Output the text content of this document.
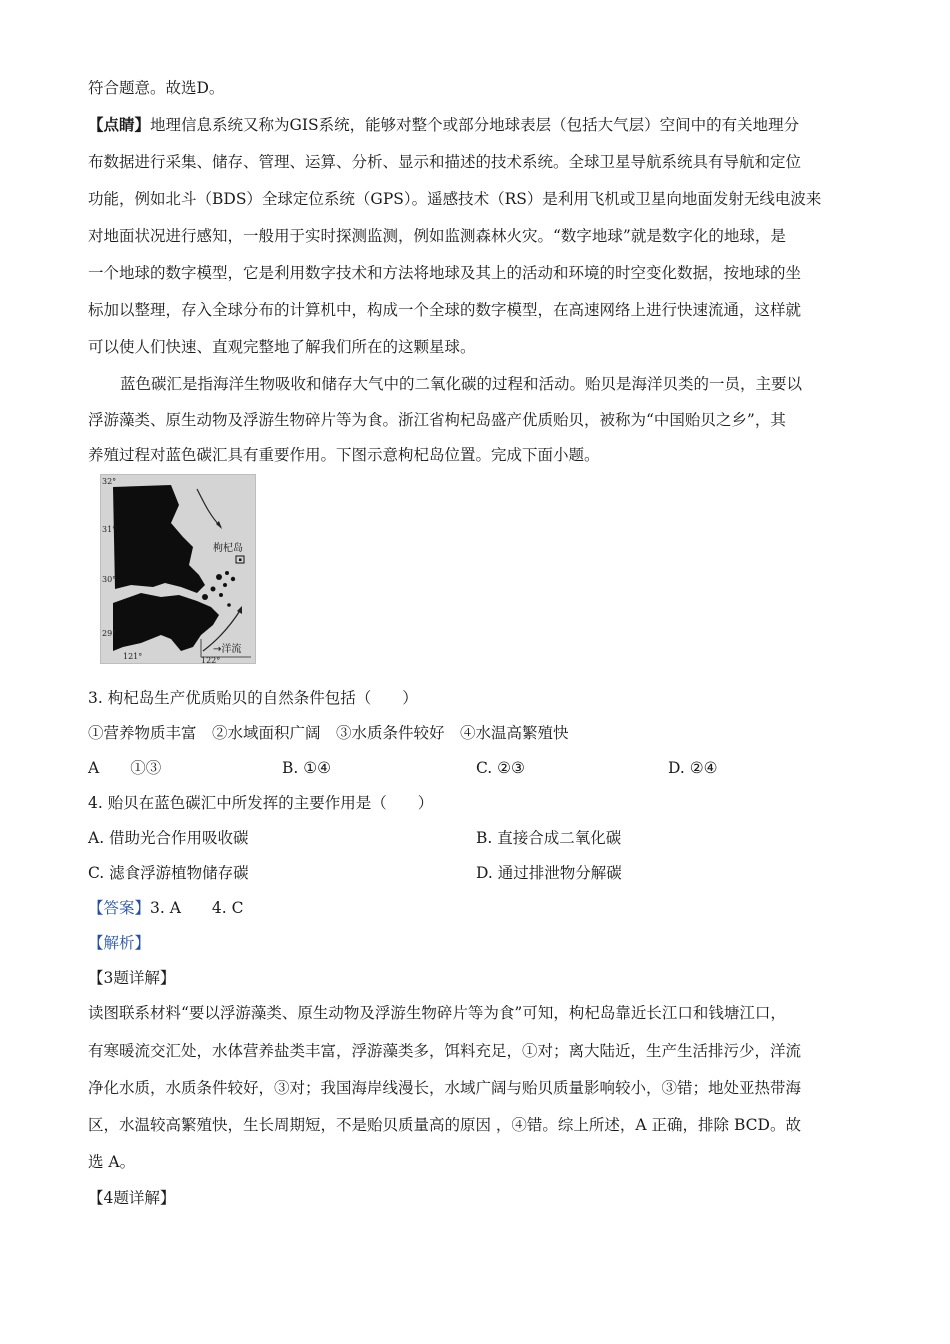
符合题意。故选D。
【点睛】地理信息系统又称为GIS系统，能够对整个或部分地球表层（包括大气层）空间中的有关地理分
布数据进行采集、储存、管理、运算、分析、显示和描述的技术系统。全球卫星导航系统具有导航和定位
功能，例如北斗（BDS）全球定位系统（GPS）。遥感技术（RS）是利用飞机或卫星向地面发射无线电波来
对地面状况进行感知，一般用于实时探测监测，例如监测森林火灾。“数字地球”就是数字化的地球，是
一个地球的数字模型，它是利用数字技术和方法将地球及其上的活动和环境的时空变化数据，按地球的坐
标加以整理，存入全球分布的计算机中，构成一个全球的数字模型，在高速网络上进行快速流通，这样就
可以使人们快速、直观完整地了解我们所在的这颗星球。
蓝色碳汇是指海洋生物吸收和储存大气中的二氧化碳的过程和活动。贻贝是海洋贝类的一员，主要以
浮游藻类、原生动物及浮游生物碎片等为食。浙江省枸杞岛盛产优质贻贝，被称为“中国贻贝之乡”，其
养殖过程对蓝色碳汇具有重要作用。下图示意枸杞岛位置。完成下面小题。
32°
31°
30°
29°
121°	122°
枸杞岛
→洋流
3. 枸杞岛生产优质贻贝的自然条件包括（　　）
①营养物质丰富　②水域面积广阔　③水质条件较好　④水温高繁殖快
A　　①③	B. ①④	C. ②③	D. ②④
4. 贻贝在蓝色碳汇中所发挥的主要作用是（　　）
A. 借助光合作用吸收碳	B. 直接合成二氧化碳
C. 滤食浮游植物储存碳	D. 通过排泄物分解碳
【答案】3. A　　4. C
【解析】
【3题详解】
读图联系材料“要以浮游藻类、原生动物及浮游生物碎片等为食”可知，枸杞岛靠近长江口和钱塘江口，
有寒暖流交汇处，水体营养盐类丰富，浮游藻类多，饵料充足，①对；离大陆近，生产生活排污少，洋流
净化水质，水质条件较好，③对；我国海岸线漫长，水域广阔与贻贝质量影响较小，③错；地处亚热带海
区，水温较高繁殖快，生长周期短，不是贻贝质量高的原因 ，④错。综上所述，A 正确，排除 BCD。故
选 A。
【4题详解】
